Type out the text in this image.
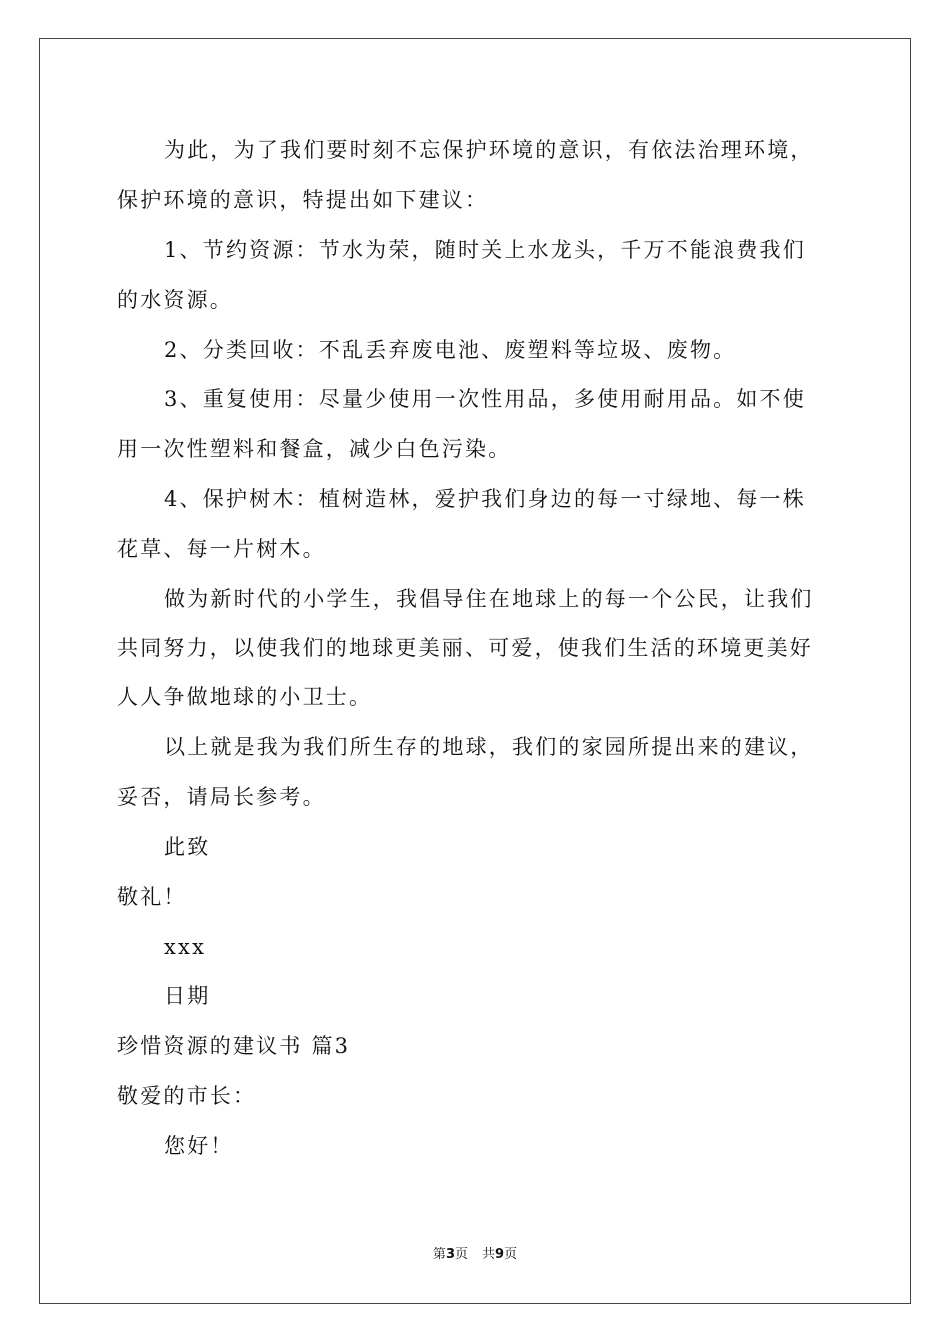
为此，为了我们要时刻不忘保护环境的意识，有依法治理环境，
保护环境的意识，特提出如下建议：
1、节约资源：节水为荣，随时关上水龙头，千万不能浪费我们
的水资源。
2、分类回收：不乱丢弃废电池、废塑料等垃圾、废物。
3、重复使用：尽量少使用一次性用品，多使用耐用品。如不使
用一次性塑料和餐盒，减少白色污染。
4、保护树木：植树造林，爱护我们身边的每一寸绿地、每一株
花草、每一片树木。
做为新时代的小学生，我倡导住在地球上的每一个公民，让我们
共同努力，以使我们的地球更美丽、可爱，使我们生活的环境更美好
人人争做地球的小卫士。
以上就是我为我们所生存的地球，我们的家园所提出来的建议，
妥否，请局长参考。
此致
敬礼！
xxx
日期
珍惜资源的建议书 篇3
敬爱的市长：
您好！
第3页 共9页
